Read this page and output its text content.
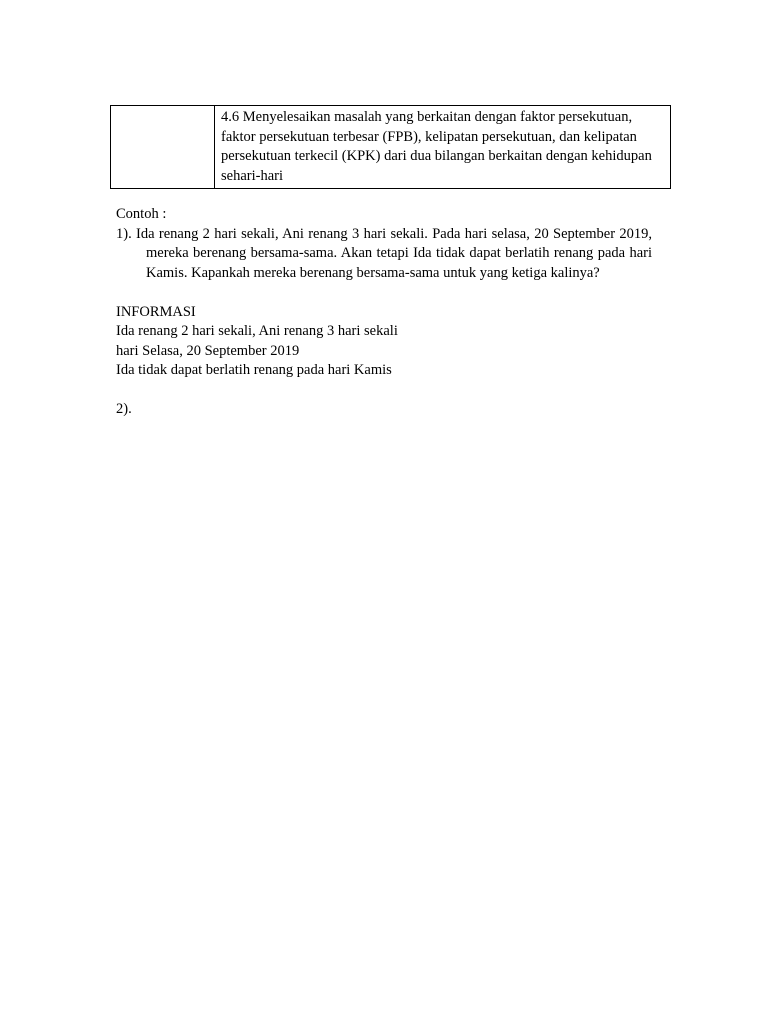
4.6 Menyelesaikan masalah yang berkaitan dengan faktor persekutuan, faktor persekutuan terbesar (FPB), kelipatan persekutuan, dan kelipatan persekutuan terkecil (KPK) dari dua bilangan berkaitan dengan kehidupan sehari-hari
Contoh :
1). Ida renang 2 hari sekali, Ani renang 3 hari sekali. Pada hari selasa, 20 September 2019, mereka berenang bersama-sama. Akan tetapi Ida tidak dapat berlatih renang pada hari Kamis. Kapankah mereka berenang bersama-sama untuk yang ketiga kalinya?
INFORMASI
Ida renang 2 hari sekali, Ani renang 3 hari sekali
hari Selasa, 20 September 2019
Ida tidak dapat berlatih renang pada hari Kamis
2).
